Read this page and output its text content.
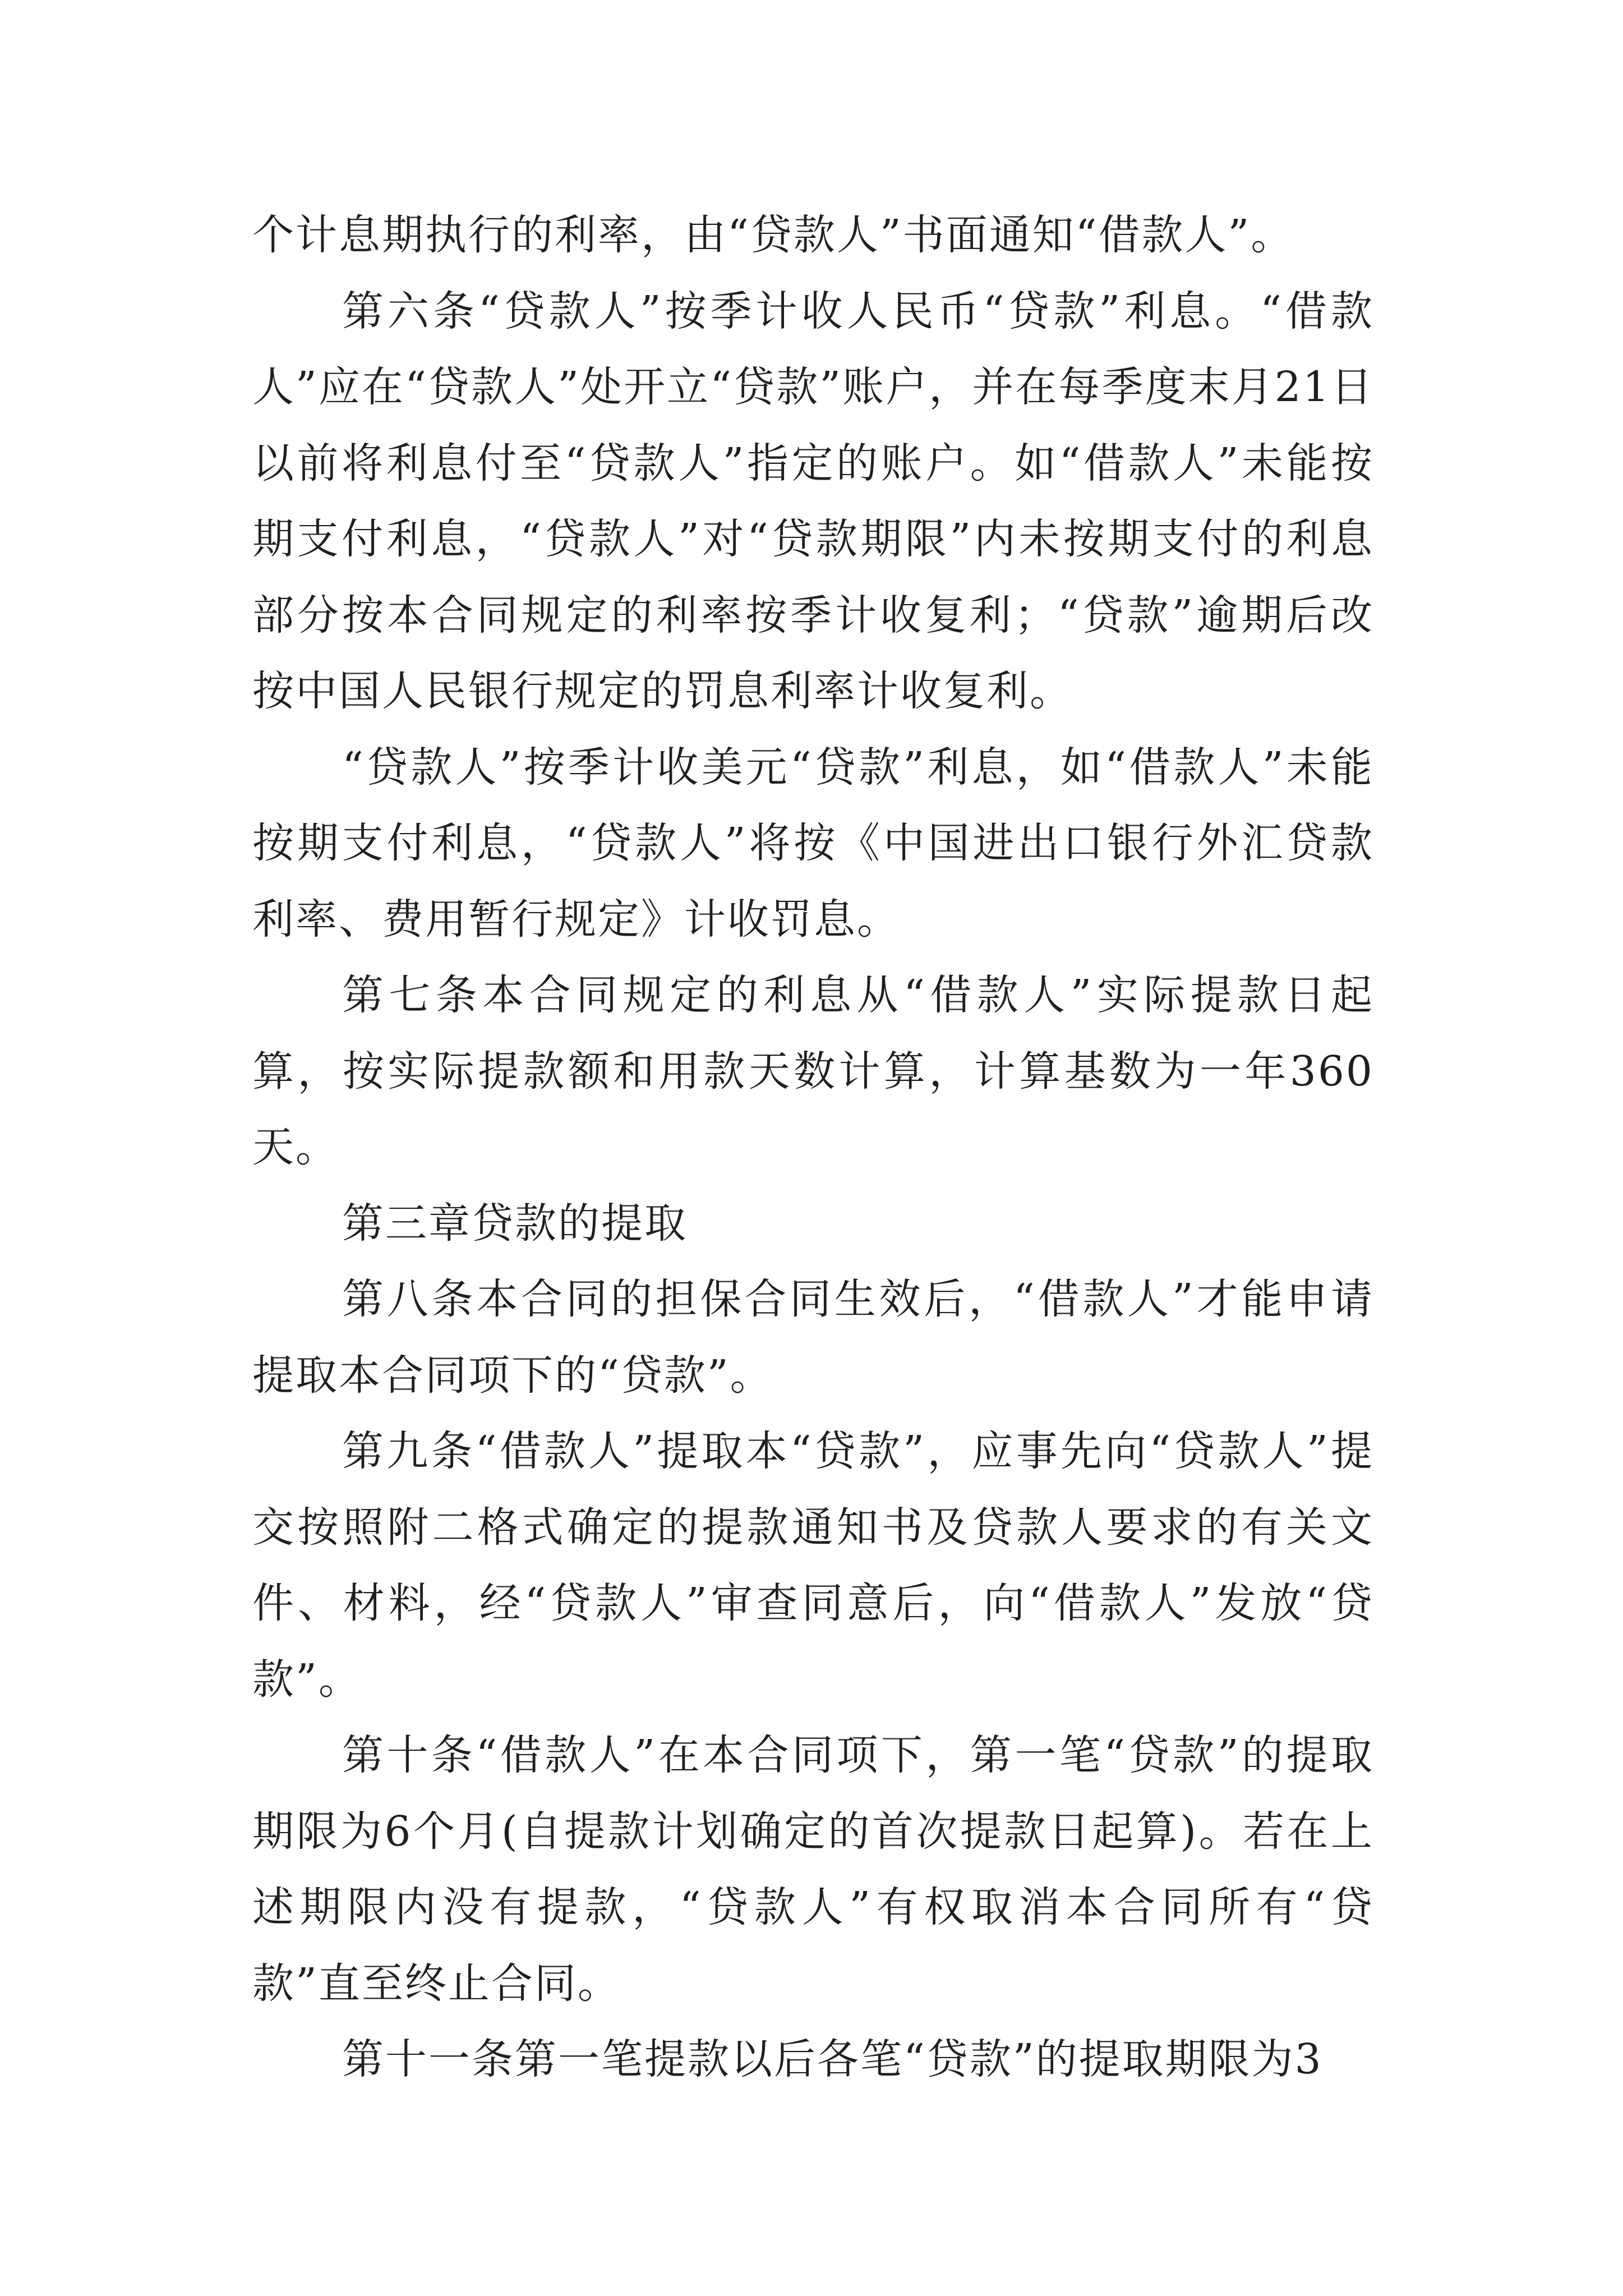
个计息期执行的利率，由“贷款人”书面通知“借款人”。

第六条“贷款人”按季计收人民币“贷款”利息。“借款人”应在“贷款人”处开立“贷款”账户，并在每季度末月21日以前将利息付至“贷款人”指定的账户。如“借款人”未能按期支付利息，“贷款人”对“贷款期限”内未按期支付的利息部分按本合同规定的利率按季计收复利；“贷款”逾期后改按中国人民银行规定的罚息利率计收复利。

“贷款人”按季计收美元“贷款”利息，如“借款人”未能按期支付利息，“贷款人”将按《中国进出口银行外汇贷款利率、费用暂行规定》计收罚息。

第七条本合同规定的利息从“借款人”实际提款日起算，按实际提款额和用款天数计算，计算基数为一年360天。

第三章贷款的提取

第八条本合同的担保合同生效后，“借款人”才能申请提取本合同项下的“贷款”。

第九条“借款人”提取本“贷款”，应事先向“贷款人”提交按照附二格式确定的提款通知书及贷款人要求的有关文件、材料，经“贷款人”审查同意后，向“借款人”发放“贷款”。

第十条“借款人”在本合同项下，第一笔“贷款”的提取期限为6个月(自提款计划确定的首次提款日起算)。若在上述期限内没有提款，“贷款人”有权取消本合同所有“贷款”直至终止合同。

第十一条第一笔提款以后各笔“贷款”的提取期限为3
